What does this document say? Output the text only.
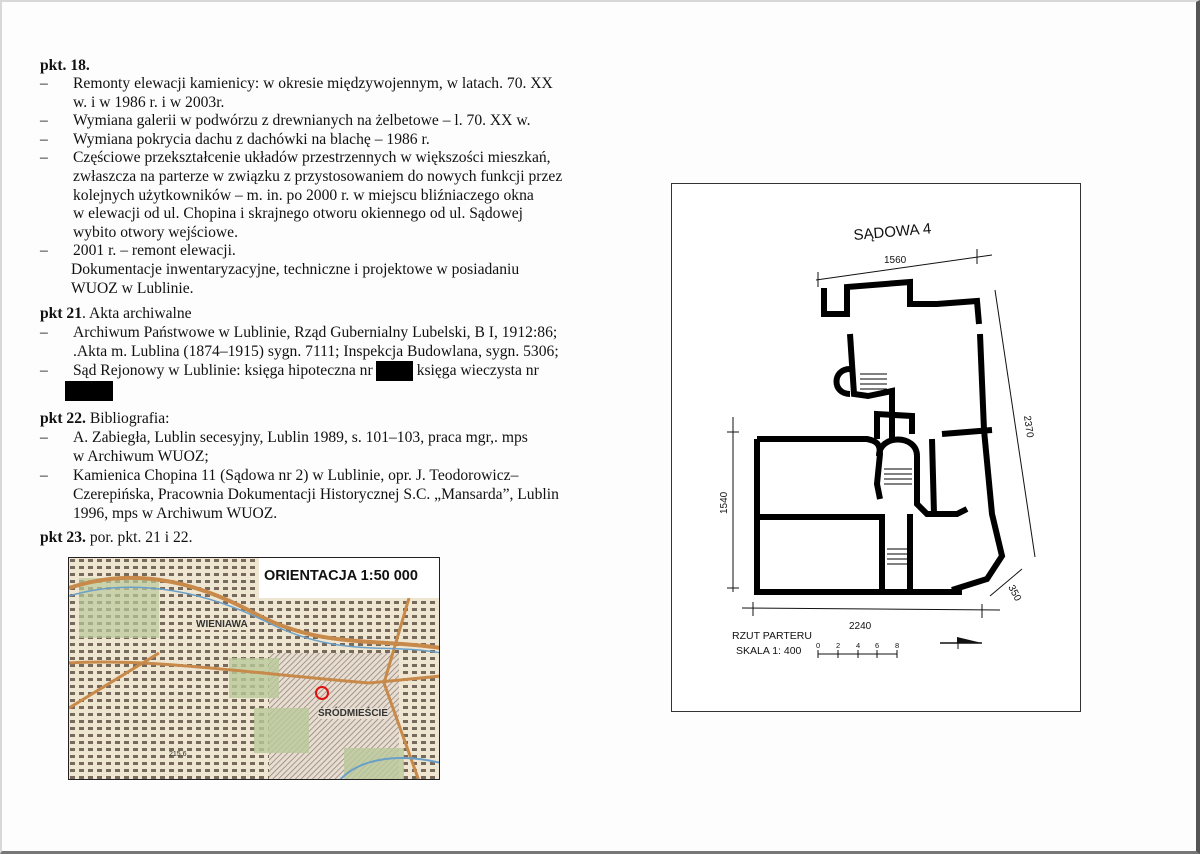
pkt. 18.
– Remonty elewacji kamienicy: w okresie międzywojennym, w latach. 70. XX
w. i w 1986 r. i w 2003r.
– Wymiana galerii w podwórzu z drewnianych na żelbetowe – l. 70. XX w.
– Wymiana pokrycia dachu z dachówki na blachę – 1986 r.
– Częściowe przekształcenie układów przestrzennych w większości mieszkań,
zwłaszcza na parterze w związku z przystosowaniem do nowych funkcji przez
kolejnych użytkowników – m. in. po 2000 r. w miejscu bliźniaczego okna
w elewacji od ul. Chopina i skrajnego otworu okiennego od ul. Sądowej
wybito otwory wejściowe.
– 2001 r. – remont elewacji.
Dokumentacje inwentaryzacyjne, techniczne i projektowe w posiadaniu
WUOZ w Lublinie.
pkt 21. Akta archiwalne
– Archiwum Państwowe w Lublinie, Rząd Gubernialny Lubelski, B I, 1912:86;
.Akta m. Lublina (1874–1915) sygn. 7111; Inspekcja Budowlana, sygn. 5306;
– Sąd Rejonowy w Lublinie: księga hipoteczna nr	księga wieczysta nr
pkt 22. Bibliografia:
– A. Zabiegła, Lublin secesyjny, Lublin 1989, s. 101–103, praca mgr,. mps
w Archiwum WUOZ;
– Kamienica Chopina 11 (Sądowa nr 2) w Lublinie, opr. J. Teodorowicz–
Czerepińska, Pracownia Dokumentacji Historycznej S.C. „Mansarda”, Lublin
1996, mps w Archiwum WUOZ.
pkt 23. por. pkt. 21 i 22.
ORIENTACJA 1:50 000
WIENIAWA
ŚRÓDMIEŚCIE
215.6
SĄDOWA 4
1560
2370
1540
2240
350
RZUT PARTERU
SKALA 1: 400 0 2 4 6 8
